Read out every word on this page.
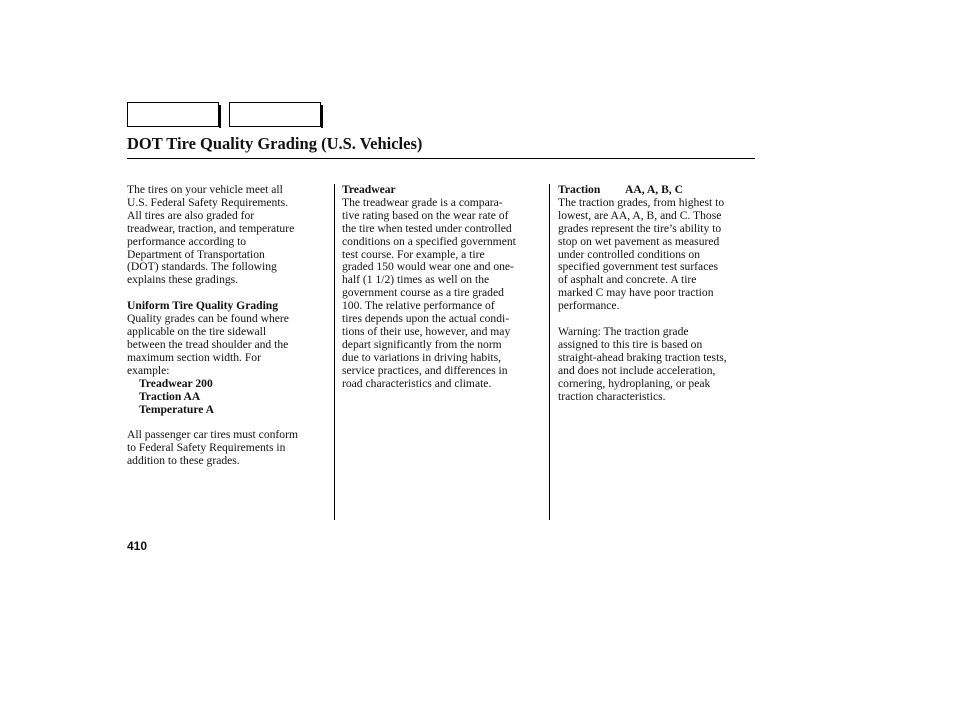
DOT Tire Quality Grading (U.S. Vehicles)

The tires on your vehicle meet all

U.S. Federal Safety Requirements.

All tires are also graded for

treadwear, traction, and temperature

performance according to

Department of Transportation

(DOT) standards. The following

explains these gradings.

Uniform Tire Quality Grading

Quality grades can be found where

applicable on the tire sidewall

between the tread shoulder and the

maximum section width. For

example:

Treadwear 200

Traction AA

Temperature A

All passenger car tires must conform

to Federal Safety Requirements in

addition to these grades.

Treadwear

The treadwear grade is a compara-

tive rating based on the wear rate of

the tire when tested under controlled

conditions on a specified government

test course. For example, a tire

graded 150 would wear one and one-

half (1 1/2) times as well on the

government course as a tire graded

100. The relative performance of

tires depends upon the actual condi-

tions of their use, however, and may

depart significantly from the norm

due to variations in driving habits,

service practices, and differences in

road characteristics and climate.

Traction AA, A, B, C

The traction grades, from highest to

lowest, are AA, A, B, and C. Those

grades represent the tire’s ability to

stop on wet pavement as measured

under controlled conditions on

specified government test surfaces

of asphalt and concrete. A tire

marked C may have poor traction

performance.

Warning: The traction grade

assigned to this tire is based on

straight-ahead braking traction tests,

and does not include acceleration,

cornering, hydroplaning, or peak

traction characteristics.

410
